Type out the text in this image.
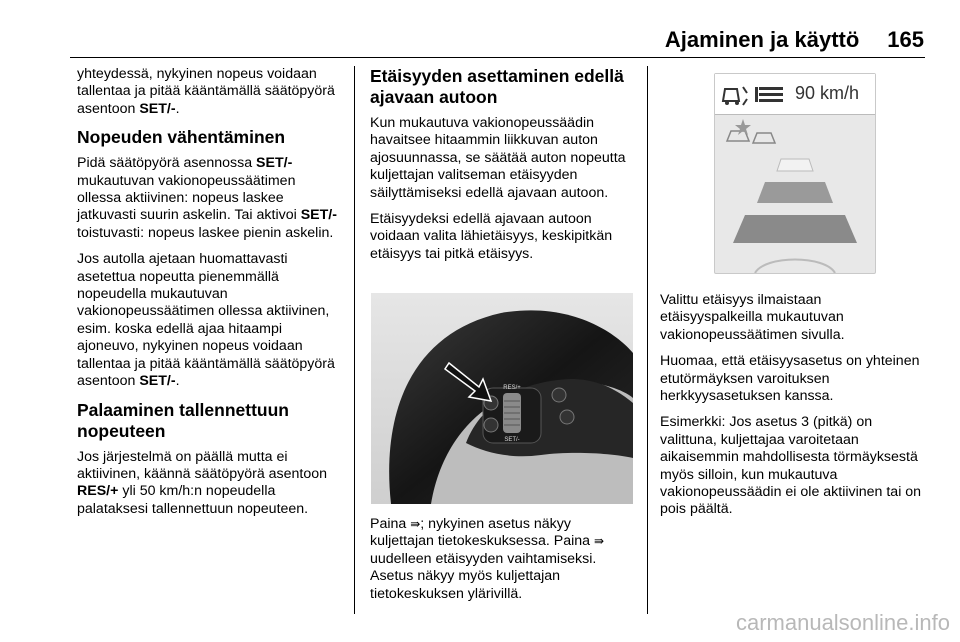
Ajaminen ja käyttö 165

yhteydessä, nykyinen nopeus voidaan tallentaa ja pitää kääntämällä säätöpyörä asentoon SET/-.

Nopeuden vähentäminen

Pidä säätöpyörä asennossa SET/- mukautuvan vakionopeussäätimen ollessa aktiivinen: nopeus laskee jatkuvasti suurin askelin. Tai aktivoi SET/- toistuvasti: nopeus laskee pienin askelin.

Jos autolla ajetaan huomattavasti asetettua nopeutta pienemmällä nopeudella mukautuvan vakionopeussäätimen ollessa aktiivinen, esim. koska edellä ajaa hitaampi ajoneuvo, nykyinen nopeus voidaan tallentaa ja pitää kääntämällä säätöpyörä asentoon SET/-.

Palaaminen tallennettuun nopeuteen

Jos järjestelmä on päällä mutta ei aktiivinen, käännä säätöpyörä asentoon RES/+ yli 50 km/h:n nopeudella palataksesi tallennettuun nopeuteen.

Etäisyyden asettaminen edellä ajavaan autoon

Kun mukautuva vakionopeussäädin havaitsee hitaammin liikkuvan auton ajosuunnassa, se säätää auton nopeutta kuljettajan valitseman etäisyyden säilyttämiseksi edellä ajavaan autoon.

Etäisyydeksi edellä ajavaan autoon voidaan valita lähietäisyys, keskipitkän etäisyys tai pitkä etäisyys.

RES/+
SET/-

Paina ⇛; nykyinen asetus näkyy kuljettajan tietokeskuksessa. Paina ⇛ uudelleen etäisyyden vaihtamiseksi. Asetus näkyy myös kuljettajan tietokeskuksen ylärivillä.

90 km/h

Valittu etäisyys ilmaistaan etäisyyspalkeilla mukautuvan vakionopeussäätimen sivulla.

Huomaa, että etäisyysasetus on yhteinen etutörmäyksen varoituksen herkkyysasetuksen kanssa.

Esimerkki: Jos asetus 3 (pitkä) on valittuna, kuljettajaa varoitetaan aikaisemmin mahdollisesta törmäyksestä myös silloin, kun mukautuva vakionopeussäädin ei ole aktiivinen tai on pois päältä.

carmanualsonline.info
